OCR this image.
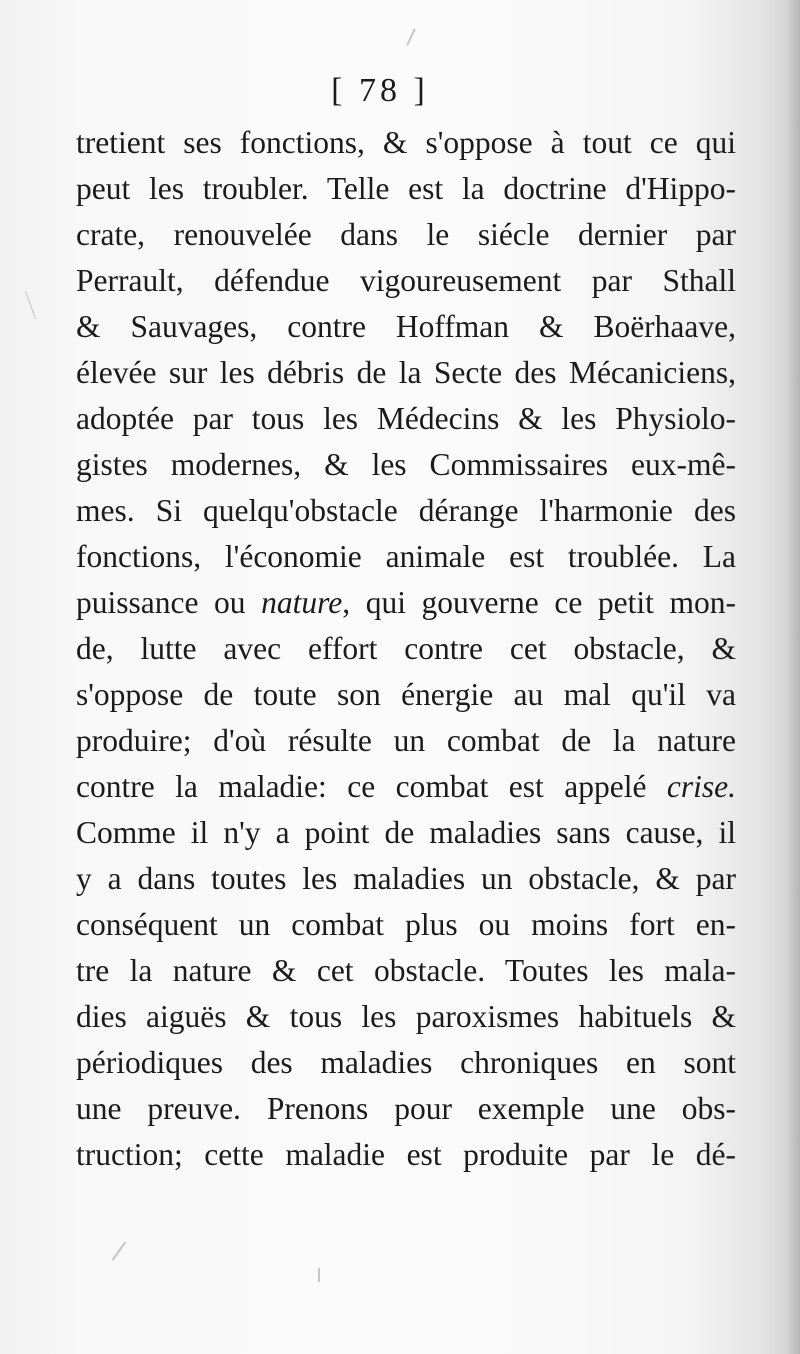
[ 78 ]
tretient ses fonctions, & s'oppose à tout ce qui
peut les troubler. Telle est la doctrine d'Hippo-
crate, renouvelée dans le siécle dernier par
Perrault, défendue vigoureusement par Sthall
& Sauvages, contre Hoffman & Boërhaave,
élevée sur les débris de la Secte des Mécaniciens,
adoptée par tous les Médecins & les Physiolo-
gistes modernes, & les Commissaires eux-mê-
mes. Si quelqu'obstacle dérange l'harmonie des
fonctions, l'économie animale est troublée. La
puissance ou nature, qui gouverne ce petit mon-
de, lutte avec effort contre cet obstacle, &
s'oppose de toute son énergie au mal qu'il va
produire; d'où résulte un combat de la nature
contre la maladie: ce combat est appelé crise.
Comme il n'y a point de maladies sans cause, il
y a dans toutes les maladies un obstacle, & par
conséquent un combat plus ou moins fort en-
tre la nature & cet obstacle. Toutes les mala-
dies aiguës & tous les paroxismes habituels &
périodiques des maladies chroniques en sont
une preuve. Prenons pour exemple une obs-
truction; cette maladie est produite par le dé-
